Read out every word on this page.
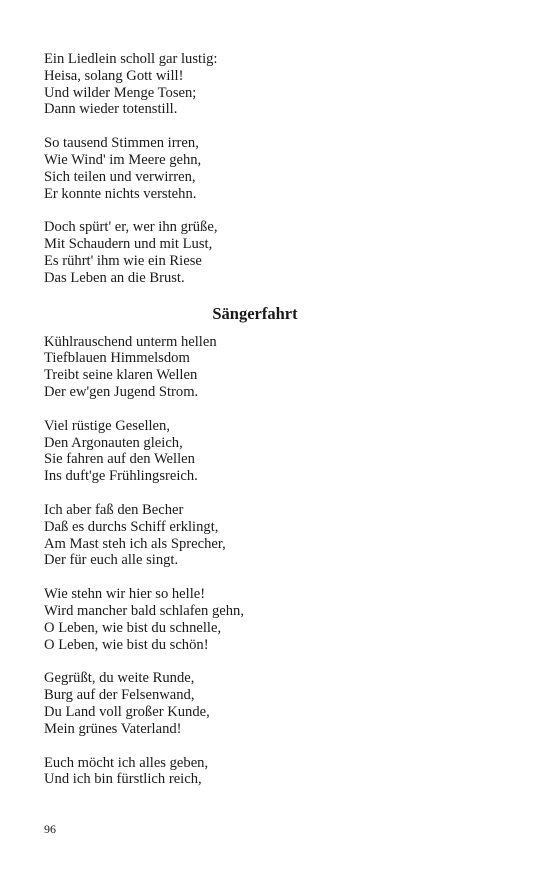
Ein Liedlein scholl gar lustig:
Heisa, solang Gott will!
Und wilder Menge Tosen;
Dann wieder totenstill.
So tausend Stimmen irren,
Wie Wind' im Meere gehn,
Sich teilen und verwirren,
Er konnte nichts verstehn.
Doch spürt' er, wer ihn grüße,
Mit Schaudern und mit Lust,
Es rührt' ihm wie ein Riese
Das Leben an die Brust.
Sängerfahrt
Kühlrauschend unterm hellen
Tiefblauen Himmelsdom
Treibt seine klaren Wellen
Der ew'gen Jugend Strom.
Viel rüstige Gesellen,
Den Argonauten gleich,
Sie fahren auf den Wellen
Ins duft'ge Frühlingsreich.
Ich aber faß den Becher
Daß es durchs Schiff erklingt,
Am Mast steh ich als Sprecher,
Der für euch alle singt.
Wie stehn wir hier so helle!
Wird mancher bald schlafen gehn,
O Leben, wie bist du schnelle,
O Leben, wie bist du schön!
Gegrüßt, du weite Runde,
Burg auf der Felsenwand,
Du Land voll großer Kunde,
Mein grünes Vaterland!
Euch möcht ich alles geben,
Und ich bin fürstlich reich,
96
